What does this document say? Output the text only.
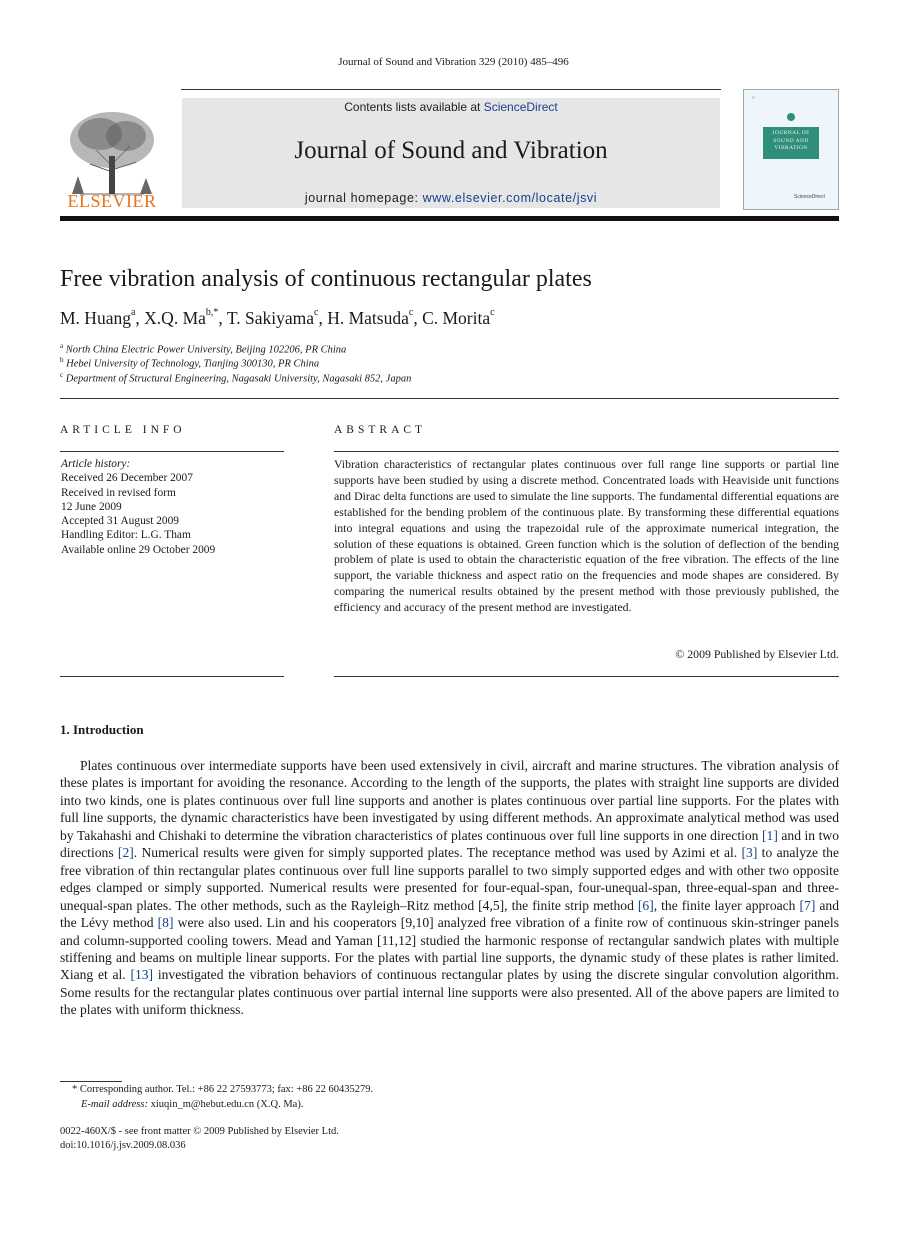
Journal of Sound and Vibration 329 (2010) 485–496
ELSEVIER
Contents lists available at ScienceDirect
Journal of Sound and Vibration
journal homepage: www.elsevier.com/locate/jsvi
≡
JOURNAL OF SOUND AND VIBRATION
ScienceDirect
Free vibration analysis of continuous rectangular plates
M. Huang$^a$, X.Q. $Ma^{b,*}$, T. Sakiyama$^c$, H. Matsuda$^c$, C. Morita$^c$
$^a$ North China Electric Power University, Beijing 102206, PR China
$^b$ Hebei University of Technology, Tianjing 300130, PR China
$^c$ Department of Structural Engineering, Nagasaki University, Nagasaki 852, Japan
ARTICLE INFO	ABSTRACT
Article history:
Received 26 December 2007
Received in revised form
12 June 2009
Accepted 31 August 2009
Handling Editor: L.G. Tham
Available online 29 October 2009
Vibration characteristics of rectangular plates continuous over full range line supports or partial line supports have been studied by using a discrete method. Concentrated loads with Heaviside unit functions and Dirac delta functions are used to simulate the line supports. The fundamental differential equations are established for the bending problem of the continuous plate. By transforming these differential equations into integral equations and using the trapezoidal rule of the approximate numerical integration, the solution of these equations is obtained. Green function which is the solution of deflection of the bending problem of plate is used to obtain the characteristic equation of the free vibration. The effects of the line support, the variable thickness and aspect ratio on the frequencies and mode shapes are considered. By comparing the numerical results obtained by the present method with those previously published, the efficiency and accuracy of the present method are investigated.
© 2009 Published by Elsevier Ltd.
1. Introduction
Plates continuous over intermediate supports have been used extensively in civil, aircraft and marine structures. The vibration analysis of these plates is important for avoiding the resonance. According to the length of the supports, the plates with straight line supports are divided into two kinds, one is plates continuous over full line supports and another is plates continuous over partial line supports. For the plates with full line supports, the dynamic characteristics have been investigated by using different methods. An approximate analytical method was used by Takahashi and Chishaki to determine the vibration characteristics of plates continuous over full line supports in one direction [1] and in two directions [2]. Numerical results were given for simply supported plates. The receptance method was used by Azimi et al. [3] to analyze the free vibration of thin rectangular plates continuous over full line supports parallel to two simply supported edges and with other two opposite edges clamped or simply supported. Numerical results were presented for four-equal-span, four-unequal-span, three-equal-span and three-unequal-span plates. The other methods, such as the Rayleigh–Ritz method [4,5], the finite strip method [6], the finite layer approach [7] and the Lévy method [8] were also used. Lin and his cooperators [9,10] analyzed free vibration of a finite row of continuous skin-stringer panels and column-supported cooling towers. Mead and Yaman [11,12] studied the harmonic response of rectangular sandwich plates with multiple stiffening and beams on multiple linear supports. For the plates with partial line supports, the dynamic study of these plates is rather limited. Xiang et al. [13] investigated the vibration behaviors of continuous rectangular plates by using the discrete singular convolution algorithm. Some results for the rectangular plates continuous over partial internal line supports were also presented. All of the above papers are limited to the plates with uniform thickness.
* Corresponding author. Tel.: +86 22 27593773; fax: +86 22 60435279.
E-mail address: xiuqin_m@hebut.edu.cn (X.Q. Ma).
0022-460X/$ - see front matter © 2009 Published by Elsevier Ltd.
doi:10.1016/j.jsv.2009.08.036
